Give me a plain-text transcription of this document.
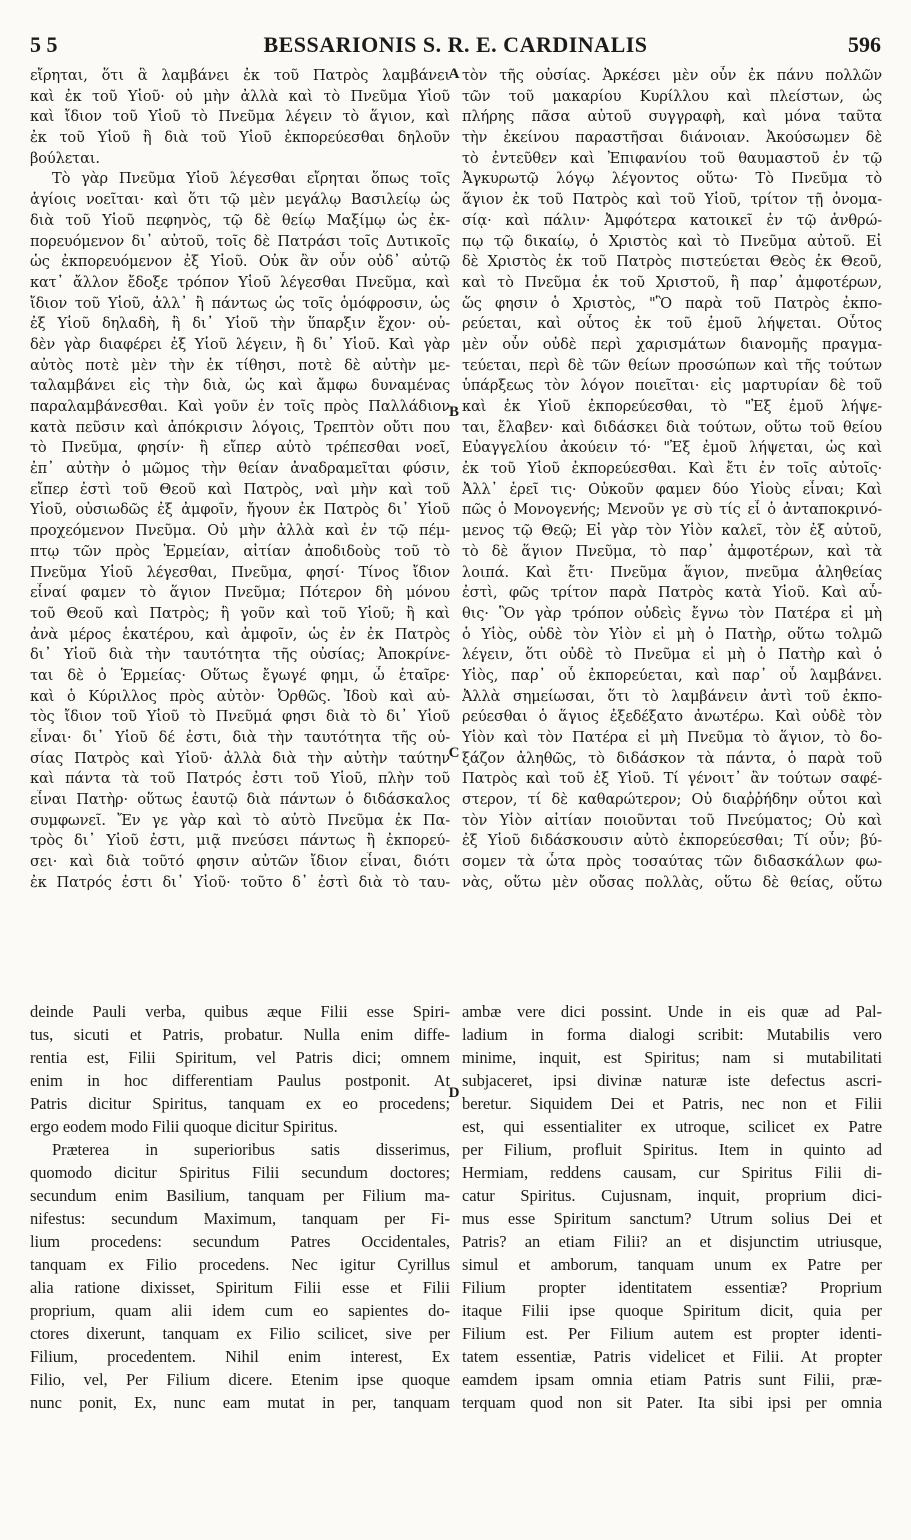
5 5	BESSARIONIS S. R. E. CARDINALIS	596
εἴρηται, ὅτι ἃ λαμβάνει ἐκ τοῦ Πατρὸς λαμβάνει
καὶ ἐκ τοῦ Υἱοῦ· οὐ μὴν ἀλλὰ καὶ τὸ Πνεῦμα Υἱοῦ
καὶ ἴδιον τοῦ Υἱοῦ τὸ Πνεῦμα λέγειν τὸ ἅγιον, καὶ
ἐκ τοῦ Υἱοῦ ἢ διὰ τοῦ Υἱοῦ ἐκπορεύεσθαι δηλοῦν
βούλεται.
Τὸ γὰρ Πνεῦμα Υἱοῦ λέγεσθαι εἴρηται ὅπως τοῖς
ἁγίοις νοεῖται· καὶ ὅτι τῷ μὲν μεγάλῳ Βασιλείῳ ὡς
διὰ τοῦ Υἱοῦ πεφηνὸς, τῷ δὲ θείῳ Μαξίμῳ ὡς ἐκ-
πορευόμενον δι᾽ αὐτοῦ, τοῖς δὲ Πατράσι τοῖς Δυτικοῖς
ὡς ἐκπορευόμενον ἐξ Υἱοῦ. Οὐκ ἂν οὖν οὐδ᾽ αὐτῷ
κατ᾽ ἄλλον ἔδοξε τρόπον Υἱοῦ λέγεσθαι Πνεῦμα, καὶ
ἴδιον τοῦ Υἱοῦ, ἀλλ᾽ ἢ πάντως ὡς τοῖς ὁμόφροσιν, ὡς
ἐξ Υἱοῦ δηλαδὴ, ἢ δι᾽ Υἱοῦ τὴν ὕπαρξιν ἔχον· οὐ-
δὲν γὰρ διαφέρει ἐξ Υἱοῦ λέγειν, ἢ δι᾽ Υἱοῦ. Καὶ γὰρ
αὐτὸς ποτὲ μὲν τὴν ἐκ τίθησι, ποτὲ δὲ αὐτὴν με-
ταλαμβάνει εἰς τὴν διὰ, ὡς καὶ ἄμφω δυναμένας
παραλαμβάνεσθαι. Καὶ γοῦν ἐν τοῖς πρὸς Παλλάδιον
κατὰ πεῦσιν καὶ ἀπόκρισιν λόγοις, Τρεπτὸν οὔτι που
τὸ Πνεῦμα, φησίν· ἢ εἴπερ αὐτὸ τρέπεσθαι νοεῖ,
ἐπ᾽ αὐτὴν ὁ μῶμος τὴν θείαν ἀναδραμεῖται φύσιν,
εἴπερ ἐστὶ τοῦ Θεοῦ καὶ Πατρὸς, ναὶ μὴν καὶ τοῦ
Υἱοῦ, οὐσιωδῶς ἐξ ἀμφοῖν, ἤγουν ἐκ Πατρὸς δι᾽ Υἱοῦ
προχεόμενον Πνεῦμα. Οὐ μὴν ἀλλὰ καὶ ἐν τῷ πέμ-
πτῳ τῶν πρὸς Ἑρμείαν, αἰτίαν ἀποδιδοὺς τοῦ τὸ
Πνεῦμα Υἱοῦ λέγεσθαι, Πνεῦμα, φησί· Τίνος ἴδιον
εἶναί φαμεν τὸ ἅγιον Πνεῦμα; Πότερον δὴ μόνου
τοῦ Θεοῦ καὶ Πατρὸς; ἢ γοῦν καὶ τοῦ Υἱοῦ; ἢ καὶ
ἀνὰ μέρος ἑκατέρου, καὶ ἀμφοῖν, ὡς ἐν ἐκ Πατρὸς
δι᾽ Υἱοῦ διὰ τὴν ταυτότητα τῆς οὐσίας; Ἀποκρίνε-
ται δὲ ὁ Ἑρμείας· Οὕτως ἔγωγέ φημι, ὦ ἑταῖρε·
καὶ ὁ Κύριλλος πρὸς αὐτὸν· Ὀρθῶς. Ἰδοὺ καὶ αὐ-
τὸς ἴδιον τοῦ Υἱοῦ τὸ Πνεῦμά φησι διὰ τὸ δι᾽ Υἱοῦ
εἶναι· δι᾽ Υἱοῦ δέ ἐστι, διὰ τὴν ταυτότητα τῆς οὐ-
σίας Πατρὸς καὶ Υἱοῦ· ἀλλὰ διὰ τὴν αὐτὴν ταύτην
καὶ πάντα τὰ τοῦ Πατρός ἐστι τοῦ Υἱοῦ, πλὴν τοῦ
εἶναι Πατὴρ· οὕτως ἑαυτῷ διὰ πάντων ὁ διδάσκαλος
συμφωνεῖ. Ἔν γε γὰρ καὶ τὸ αὐτὸ Πνεῦμα ἐκ Πα-
τρὸς δι᾽ Υἱοῦ ἐστι, μιᾷ πνεύσει πάντως ἢ ἐκπορεύ-
σει· καὶ διὰ τοῦτό φησιν αὐτῶν ἴδιον εἶναι, διότι
ἐκ Πατρός ἐστι δι᾽ Υἱοῦ· τοῦτο δ᾽ ἐστὶ διὰ τὸ ταυ-
τὸν τῆς οὐσίας. Ἀρκέσει μὲν οὖν ἐκ πάνυ πολλῶν
τῶν τοῦ μακαρίου Κυρίλλου καὶ πλείστων, ὡς
πλήρης πᾶσα αὐτοῦ συγγραφὴ, καὶ μόνα ταῦτα
τὴν ἐκείνου παραστῆσαι διάνοιαν. Ἀκούσωμεν δὲ
τὸ ἐντεῦθεν καὶ Ἐπιφανίου τοῦ θαυμαστοῦ ἐν τῷ
Ἀγκυρωτῷ λόγῳ λέγοντος οὕτω· Τὸ Πνεῦμα τὸ
ἅγιον ἐκ τοῦ Πατρὸς καὶ τοῦ Υἱοῦ, τρίτον τῇ ὀνομα-
σίᾳ· καὶ πάλιν· Ἀμφότερα κατοικεῖ ἐν τῷ ἀνθρώ-
πῳ τῷ δικαίῳ, ὁ Χριστὸς καὶ τὸ Πνεῦμα αὐτοῦ. Εἰ
δὲ Χριστὸς ἐκ τοῦ Πατρὸς πιστεύεται Θεὸς ἐκ Θεοῦ,
καὶ τὸ Πνεῦμα ἐκ τοῦ Χριστοῦ, ἢ παρ᾽ ἀμφοτέρων,
ὥς φησιν ὁ Χριστὸς, "Ὃ παρὰ τοῦ Πατρὸς ἐκπο-
ρεύεται, καὶ οὗτος ἐκ τοῦ ἐμοῦ λήψεται. Οὗτος
μὲν οὖν οὐδὲ περὶ χαρισμάτων διανομῆς πραγμα-
τεύεται, περὶ δὲ τῶν θείων προσώπων καὶ τῆς τούτων
ὑπάρξεως τὸν λόγον ποιεῖται· εἰς μαρτυρίαν δὲ τοῦ
καὶ ἐκ Υἱοῦ ἐκπορεύεσθαι, τὸ "Ἐξ ἐμοῦ λήψε-
ται, ἔλαβεν· καὶ διδάσκει διὰ τούτων, οὕτω τοῦ θείου
Εὐαγγελίου ἀκούειν τό· "Ἐξ ἐμοῦ λήψεται, ὡς καὶ
ἐκ τοῦ Υἱοῦ ἐκπορεύεσθαι. Καὶ ἔτι ἐν τοῖς αὐτοῖς·
Ἀλλ᾽ ἐρεῖ τις· Οὐκοῦν φαμεν δύο Υἱοὺς εἶναι; Καὶ
πῶς ὁ Μονογενής; Μενοῦν γε σὺ τίς εἶ ὁ ἀνταποκρινό-
μενος τῷ Θεῷ; Εἰ γὰρ τὸν Υἱὸν καλεῖ, τὸν ἐξ αὐτοῦ,
τὸ δὲ ἅγιον Πνεῦμα, τὸ παρ᾽ ἀμφοτέρων, καὶ τὰ
λοιπά. Καὶ ἔτι· Πνεῦμα ἅγιον, πνεῦμα ἀληθείας
ἐστὶ, φῶς τρίτον παρὰ Πατρὸς κατὰ Υἱοῦ. Καὶ αὖ-
θις· Ὃν γὰρ τρόπον οὐδεὶς ἔγνω τὸν Πατέρα εἰ μὴ
ὁ Υἱὸς, οὐδὲ τὸν Υἱὸν εἰ μὴ ὁ Πατὴρ, οὕτω τολμῶ
λέγειν, ὅτι οὐδὲ τὸ Πνεῦμα εἰ μὴ ὁ Πατὴρ καὶ ὁ
Υἱὸς, παρ᾽ οὗ ἐκπορεύεται, καὶ παρ᾽ οὗ λαμβάνει.
Ἀλλὰ σημείωσαι, ὅτι τὸ λαμβάνειν ἀντὶ τοῦ ἐκπο-
ρεύεσθαι ὁ ἅγιος ἐξεδέξατο ἀνωτέρω. Καὶ οὐδὲ τὸν
Υἱὸν καὶ τὸν Πατέρα εἰ μὴ Πνεῦμα τὸ ἅγιον, τὸ δο-
ξάζον ἀληθῶς, τὸ διδάσκον τὰ πάντα, ὁ παρὰ τοῦ
Πατρὸς καὶ τοῦ ἐξ Υἱοῦ. Τί γένοιτ᾽ ἂν τούτων σαφέ-
στερον, τί δὲ καθαρώτερον; Οὐ διαῤῥήδην οὗτοι καὶ
τὸν Υἱὸν αἰτίαν ποιοῦνται τοῦ Πνεύματος; Οὐ καὶ
ἐξ Υἱοῦ διδάσκουσιν αὐτὸ ἐκπορεύεσθαι; Τί οὖν; βύ-
σομεν τὰ ὦτα πρὸς τοσαύτας τῶν διδασκάλων φω-
νὰς, οὕτω μὲν οὔσας πολλὰς, οὕτω δὲ θείας, οὕτω
deinde Pauli verba, quibus æque Filii esse Spiri-
tus, sicuti et Patris, probatur. Nulla enim diffe-
rentia est, Filii Spiritum, vel Patris dici; omnem
enim in hoc differentiam Paulus postponit. At
Patris dicitur Spiritus, tanquam ex eo procedens;
ergo eodem modo Filii quoque dicitur Spiritus.
Præterea in superioribus satis disserimus,
quomodo dicitur Spiritus Filii secundum doctores;
secundum enim Basilium, tanquam per Filium ma-
nifestus: secundum Maximum, tanquam per Fi-
lium procedens: secundum Patres Occidentales,
tanquam ex Filio procedens. Nec igitur Cyrillus
alia ratione dixisset, Spiritum Filii esse et Filii
proprium, quam alii idem cum eo sapientes do-
ctores dixerunt, tanquam ex Filio scilicet, sive per
Filium, procedentem. Nihil enim interest, Ex
Filio, vel, Per Filium dicere. Etenim ipse quoque
nunc ponit, Ex, nunc eam mutat in per, tanquam
ambæ vere dici possint. Unde in eis quæ ad Pal-
ladium in forma dialogi scribit: Mutabilis vero
minime, inquit, est Spiritus; nam si mutabilitati
subjaceret, ipsi divinæ naturæ iste defectus ascri-
beretur. Siquidem Dei et Patris, nec non et Filii
est, qui essentialiter ex utroque, scilicet ex Patre
per Filium, profluit Spiritus. Item in quinto ad
Hermiam, reddens causam, cur Spiritus Filii di-
catur Spiritus. Cujusnam, inquit, proprium dici-
mus esse Spiritum sanctum? Utrum solius Dei et
Patris? an etiam Filii? an et disjunctim utriusque,
simul et amborum, tanquam unum ex Patre per
Filium propter identitatem essentiæ? Proprium
itaque Filii ipse quoque Spiritum dicit, quia per
Filium est. Per Filium autem est propter identi-
tatem essentiæ, Patris videlicet et Filii. At propter
eamdem ipsam omnia etiam Patris sunt Filii, præ-
terquam quod non sit Pater. Ita sibi ipsi per omnia
A
B
C
D
